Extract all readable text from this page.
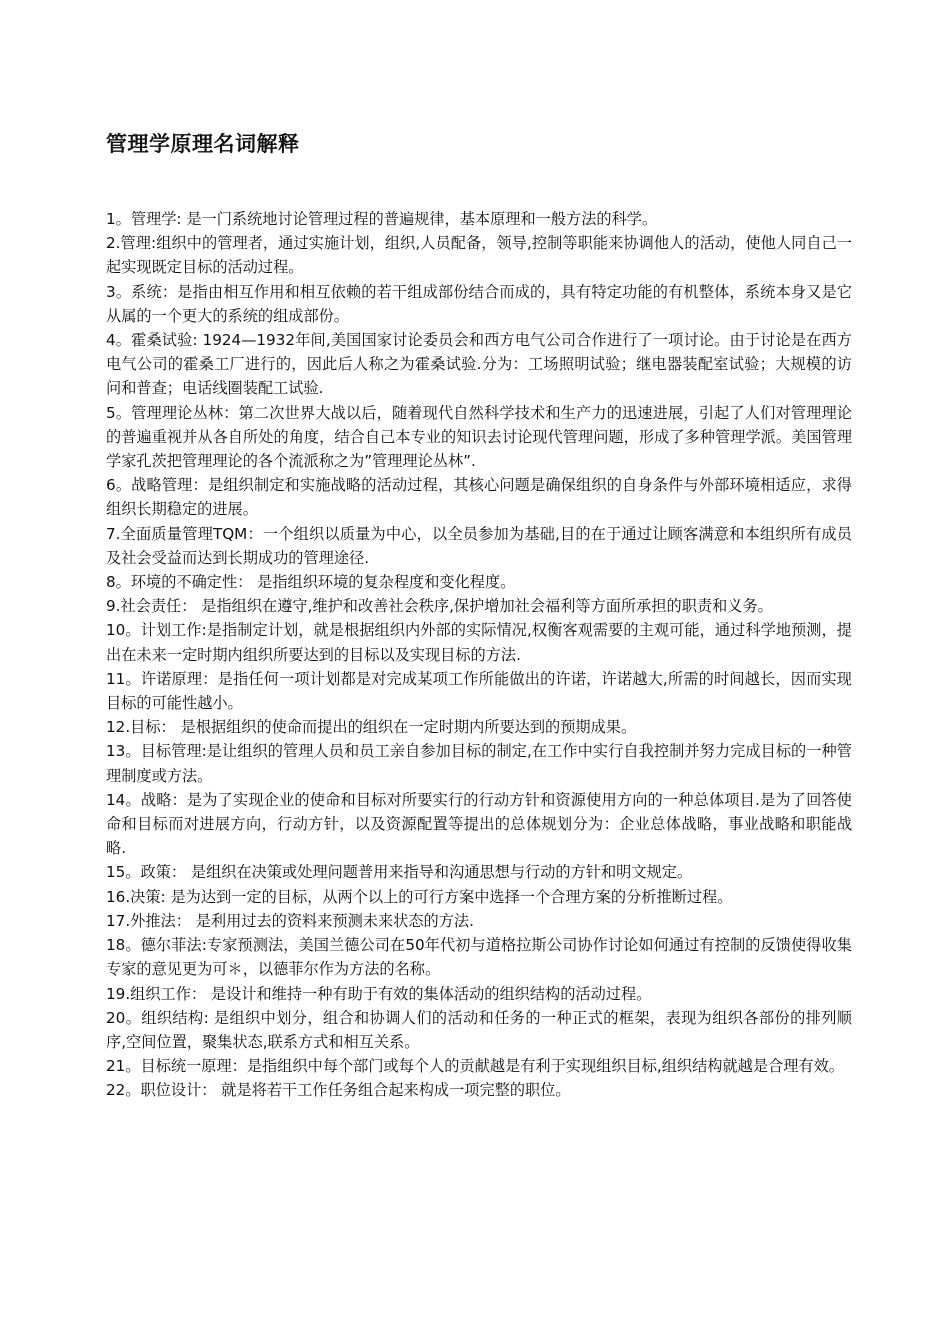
管理学原理名词解释
1。管理学: 是一门系统地讨论管理过程的普遍规律，基本原理和一般方法的科学。
2.管理:组织中的管理者，通过实施计划，组织,人员配备，领导,控制等职能来协调他人的活动，使他人同自己一起实现既定目标的活动过程。
3。系统：是指由相互作用和相互依赖的若干组成部份结合而成的，具有特定功能的有机整体，系统本身又是它从属的一个更大的系统的组成部份。
4。霍桑试验: 1924—1932年间,美国国家讨论委员会和西方电气公司合作进行了一项讨论。由于讨论是在西方电气公司的霍桑工厂进行的，因此后人称之为霍桑试验.分为：工场照明试验；继电器装配室试验；大规模的访问和普查；电话线圈装配工试验.
5。管理理论丛林：第二次世界大战以后，随着现代自然科学技术和生产力的迅速进展，引起了人们对管理理论的普遍重视并从各自所处的角度，结合自己本专业的知识去讨论现代管理问题，形成了多种管理学派。美国管理学家孔茨把管理理论的各个流派称之为”管理理论丛林”.
6。战略管理：是组织制定和实施战略的活动过程，其核心问题是确保组织的自身条件与外部环境相适应，求得组织长期稳定的进展。
7.全面质量管理TQM：一个组织以质量为中心，以全员参加为基础,目的在于通过让顾客满意和本组织所有成员及社会受益而达到长期成功的管理途径.
8。环境的不确定性： 是指组织环境的复杂程度和变化程度。
9.社会责任： 是指组织在遵守,维护和改善社会秩序,保护增加社会福利等方面所承担的职责和义务。
10。计划工作:是指制定计划，就是根据组织内外部的实际情况,权衡客观需要的主观可能，通过科学地预测，提出在未来一定时期内组织所要达到的目标以及实现目标的方法.
11。许诺原理：是指任何一项计划都是对完成某项工作所能做出的许诺，许诺越大,所需的时间越长，因而实现目标的可能性越小。
12.目标： 是根据组织的使命而提出的组织在一定时期内所要达到的预期成果。
13。目标管理:是让组织的管理人员和员工亲自参加目标的制定,在工作中实行自我控制并努力完成目标的一种管理制度或方法。
14。战略：是为了实现企业的使命和目标对所要实行的行动方针和资源使用方向的一种总体项目.是为了回答使命和目标而对进展方向，行动方针，以及资源配置等提出的总体规划分为：企业总体战略，事业战略和职能战略.
15。政策： 是组织在决策或处理问题普用来指导和沟通思想与行动的方针和明文规定。
16.决策: 是为达到一定的目标，从两个以上的可行方案中选择一个合理方案的分析推断过程。
17.外推法： 是利用过去的资料来预测未来状态的方法.
18。德尔菲法:专家预测法，美国兰德公司在50年代初与道格拉斯公司协作讨论如何通过有控制的反馈使得收集专家的意见更为可＊，以德菲尔作为方法的名称。
19.组织工作： 是设计和维持一种有助于有效的集体活动的组织结构的活动过程。
20。组织结构: 是组织中划分，组合和协调人们的活动和任务的一种正式的框架，表现为组织各部份的排列顺序,空间位置，聚集状态,联系方式和相互关系。
21。目标统一原理：是指组织中每个部门或每个人的贡献越是有利于实现组织目标,组织结构就越是合理有效。
22。职位设计： 就是将若干工作任务组合起来构成一项完整的职位。
